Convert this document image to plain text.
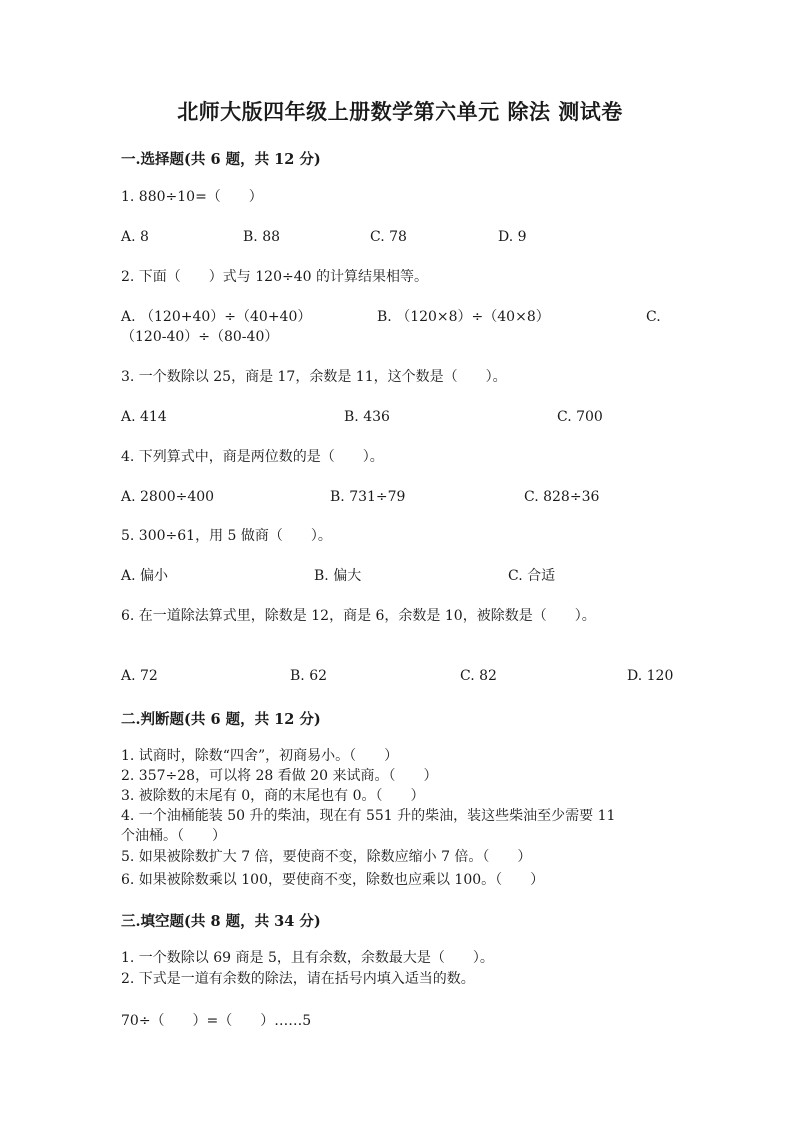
北师大版四年级上册数学第六单元 除法 测试卷
一.选择题(共 6 题，共 12 分)
1. 880÷10=（　　）
A. 8	B. 88	C. 78	D. 9
2. 下面（　　）式与 120÷40 的计算结果相等。
A. （120+40）÷（40+40）	B. （120×8）÷（40×8）	C.
（120-40）÷（80-40）
3. 一个数除以 25，商是 17，余数是 11，这个数是（　　）。
A. 414	B. 436	C. 700
4. 下列算式中，商是两位数的是（　　）。
A. 2800÷400	B. 731÷79	C. 828÷36
5. 300÷61，用 5 做商（　　）。
A. 偏小	B. 偏大	C. 合适
6. 在一道除法算式里，除数是 12，商是 6，余数是 10，被除数是（　　）。
A. 72	B. 62	C. 82	D. 120
二.判断题(共 6 题，共 12 分)
1. 试商时，除数“四舍”，初商易小。（　　）
2. 357÷28，可以将 28 看做 20 来试商。（　　）
3. 被除数的末尾有 0，商的末尾也有 0。（　　）
4. 一个油桶能装 50 升的柴油，现在有 551 升的柴油，装这些柴油至少需要 11
个油桶。（　　）
5. 如果被除数扩大 7 倍，要使商不变，除数应缩小 7 倍。（　　）
6. 如果被除数乘以 100，要使商不变，除数也应乘以 100。（　　）
三.填空题(共 8 题，共 34 分)
1. 一个数除以 69 商是 5，且有余数，余数最大是（　　）。
2. 下式是一道有余数的除法，请在括号内填入适当的数。
70÷（　　）=（　　）……5
